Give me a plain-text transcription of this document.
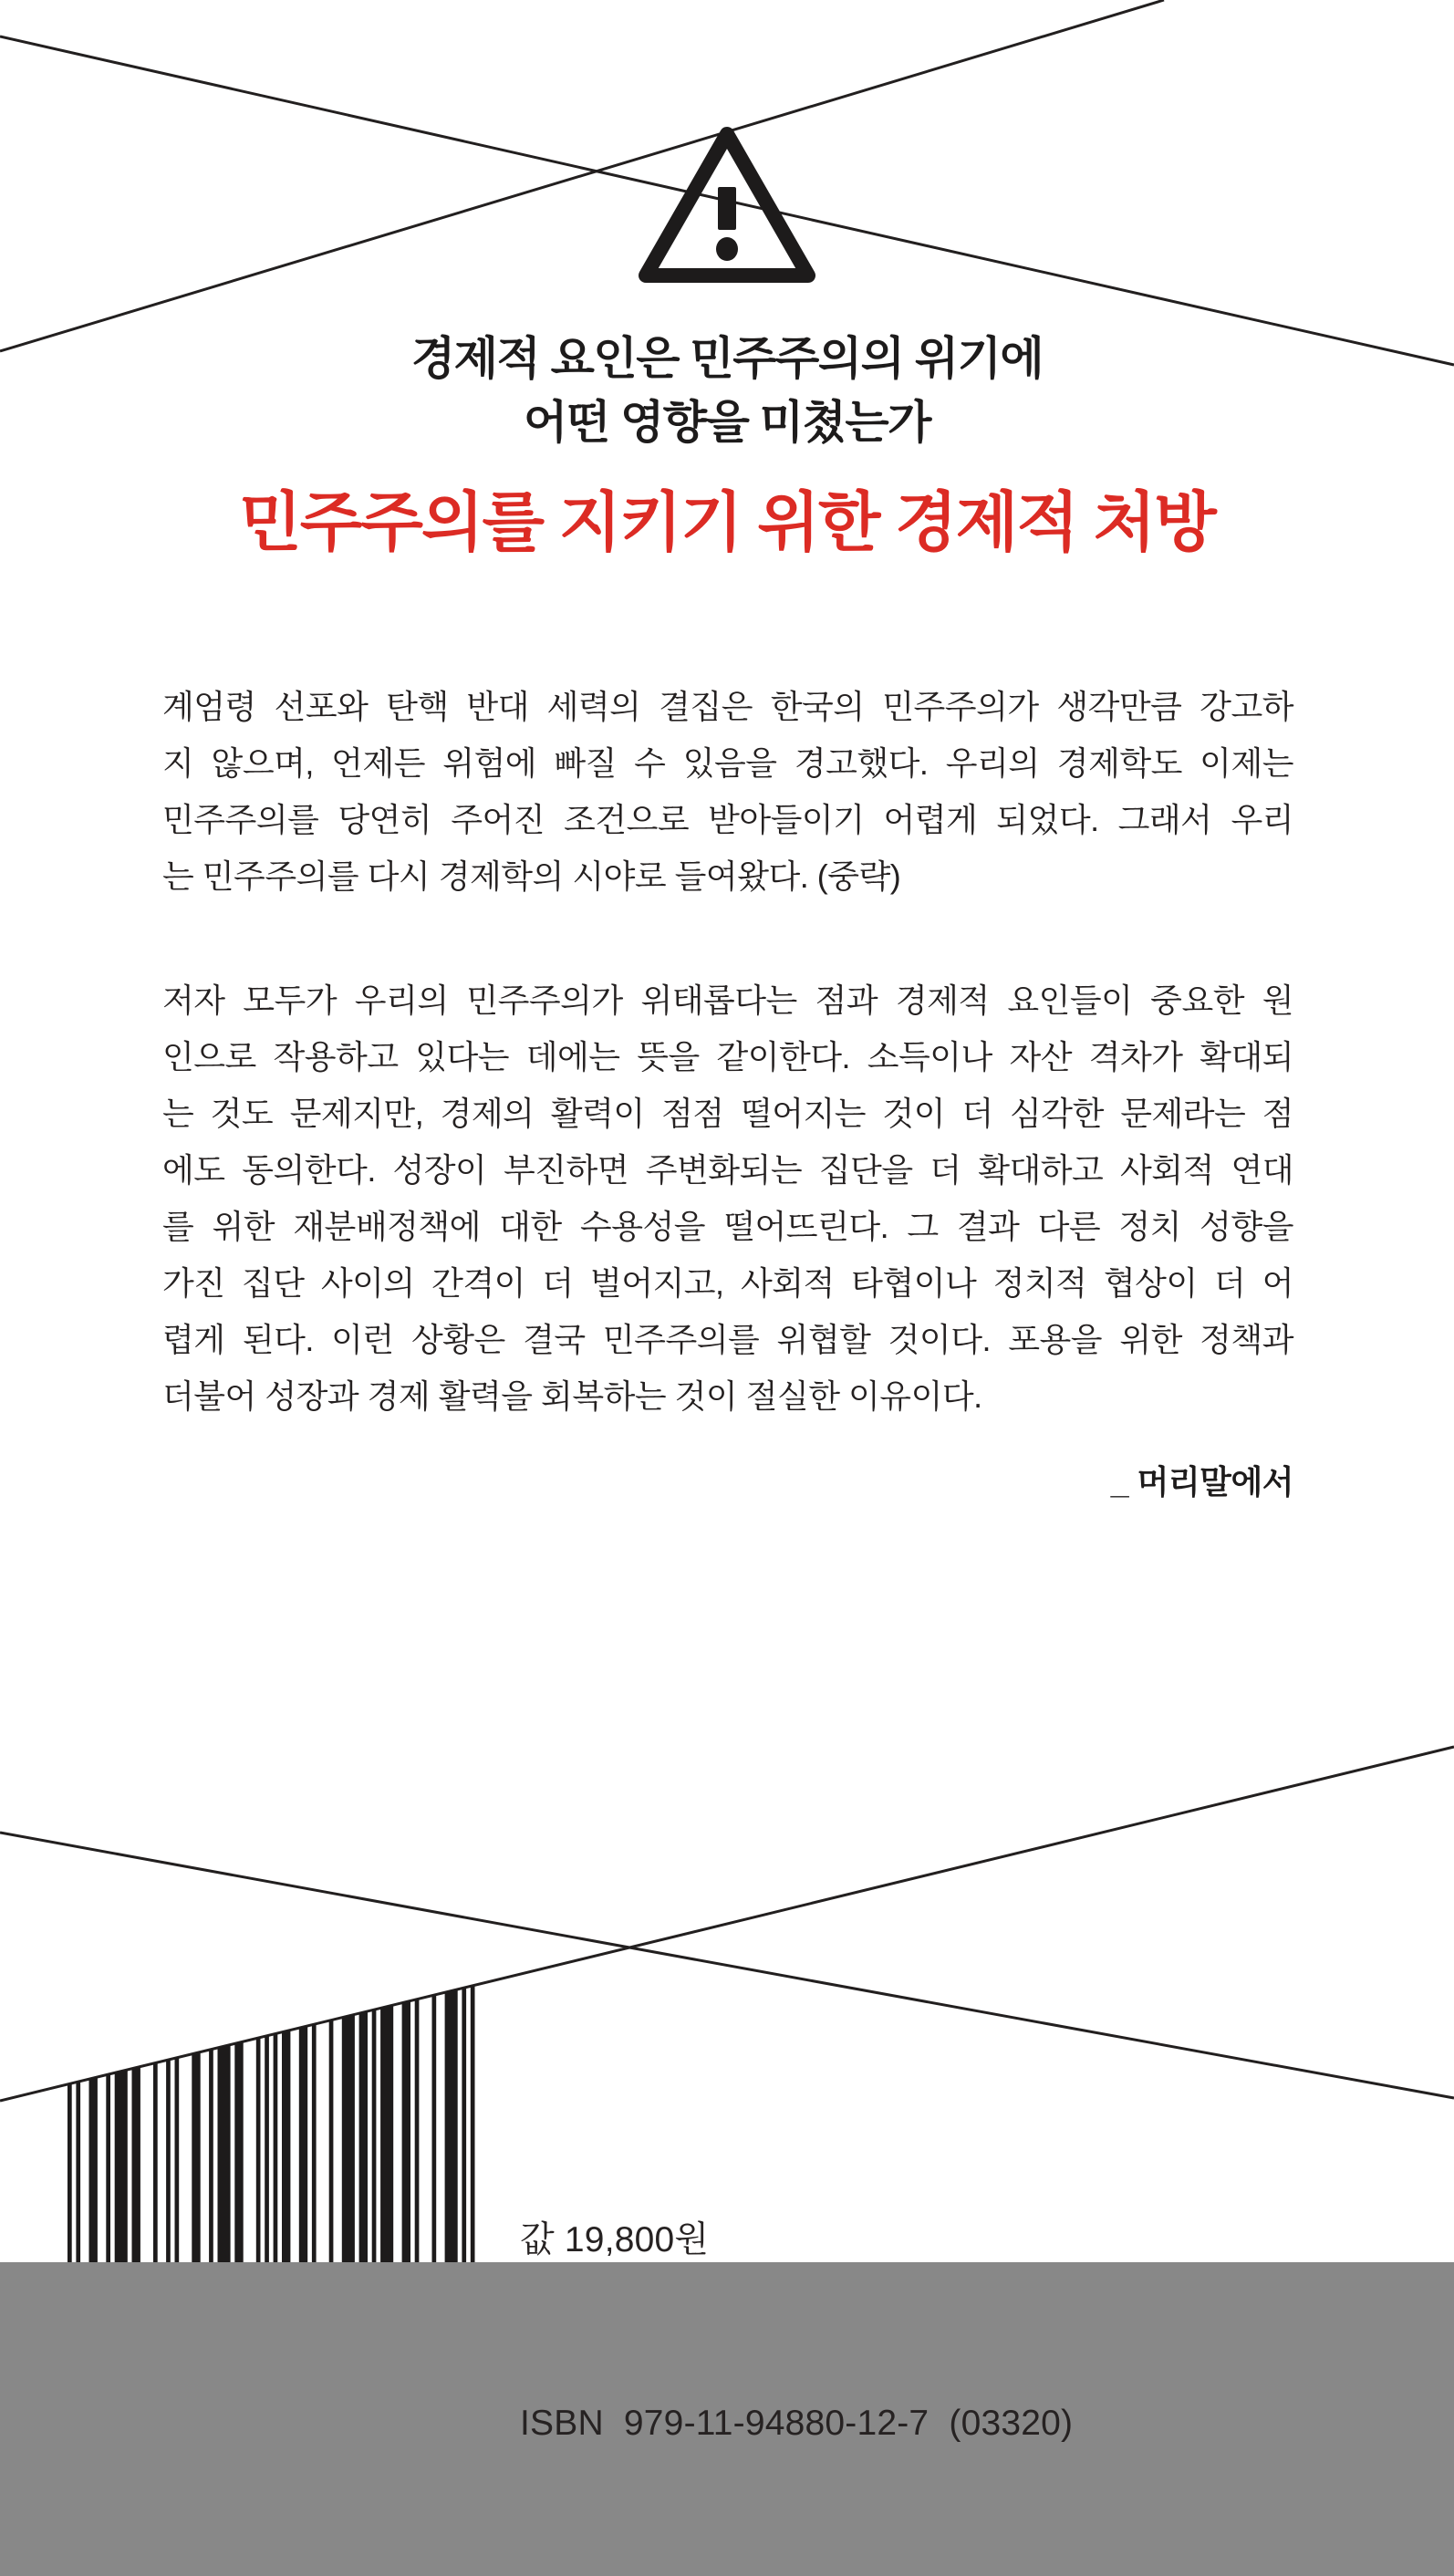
경제적 요인은 민주주의의 위기에
어떤 영향을 미쳤는가
민주주의를 지키기 위한 경제적 처방
계엄령 선포와 탄핵 반대 세력의 결집은 한국의 민주주의가 생각만큼 강고하
지 않으며, 언제든 위험에 빠질 수 있음을 경고했다. 우리의 경제학도 이제는
민주주의를 당연히 주어진 조건으로 받아들이기 어렵게 되었다. 그래서 우리
는 민주주의를 다시 경제학의 시야로 들여왔다. (중략)
저자 모두가 우리의 민주주의가 위태롭다는 점과 경제적 요인들이 중요한 원
인으로 작용하고 있다는 데에는 뜻을 같이한다. 소득이나 자산 격차가 확대되
는 것도 문제지만, 경제의 활력이 점점 떨어지는 것이 더 심각한 문제라는 점
에도 동의한다. 성장이 부진하면 주변화되는 집단을 더 확대하고 사회적 연대
를 위한 재분배정책에 대한 수용성을 떨어뜨린다. 그 결과 다른 정치 성향을
가진 집단 사이의 간격이 더 벌어지고, 사회적 타협이나 정치적 협상이 더 어
렵게 된다. 이런 상황은 결국 민주주의를 위협할 것이다. 포용을 위한 정책과
더불어 성장과 경제 활력을 회복하는 것이 절실한 이유이다.
_ 머리말에서

값 19,800원

ISBN  979-11-94880-12-7  (03320)
